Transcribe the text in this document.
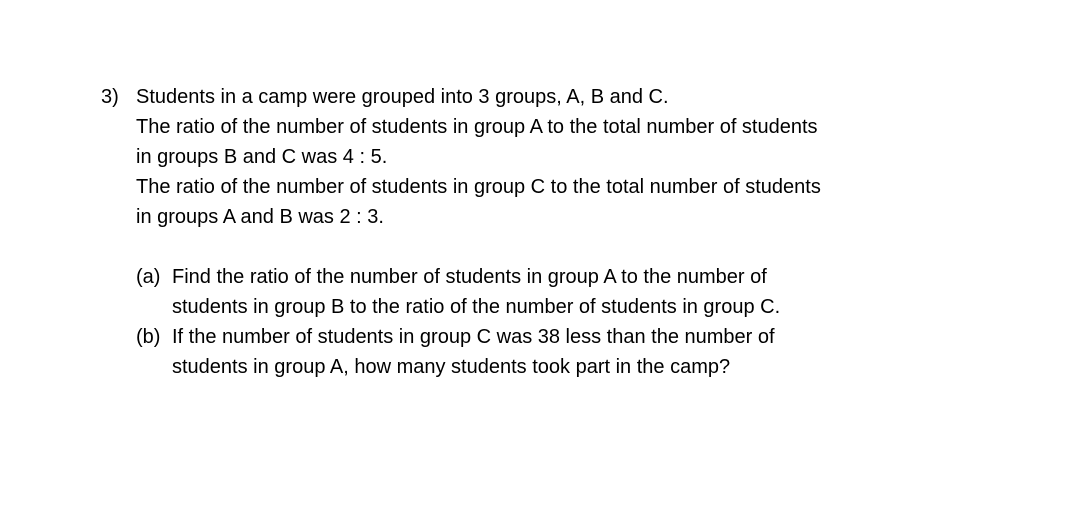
3) Students in a camp were grouped into 3 groups, A, B and C.
The ratio of the number of students in group A to the total number of students
in groups B and C was 4 : 5.
The ratio of the number of students in group C to the total number of students
in groups A and B was 2 : 3.
(a) Find the ratio of the number of students in group A to the number of
students in group B to the ratio of the number of students in group C.
(b) If the number of students in group C was 38 less than the number of
students in group A, how many students took part in the camp?
